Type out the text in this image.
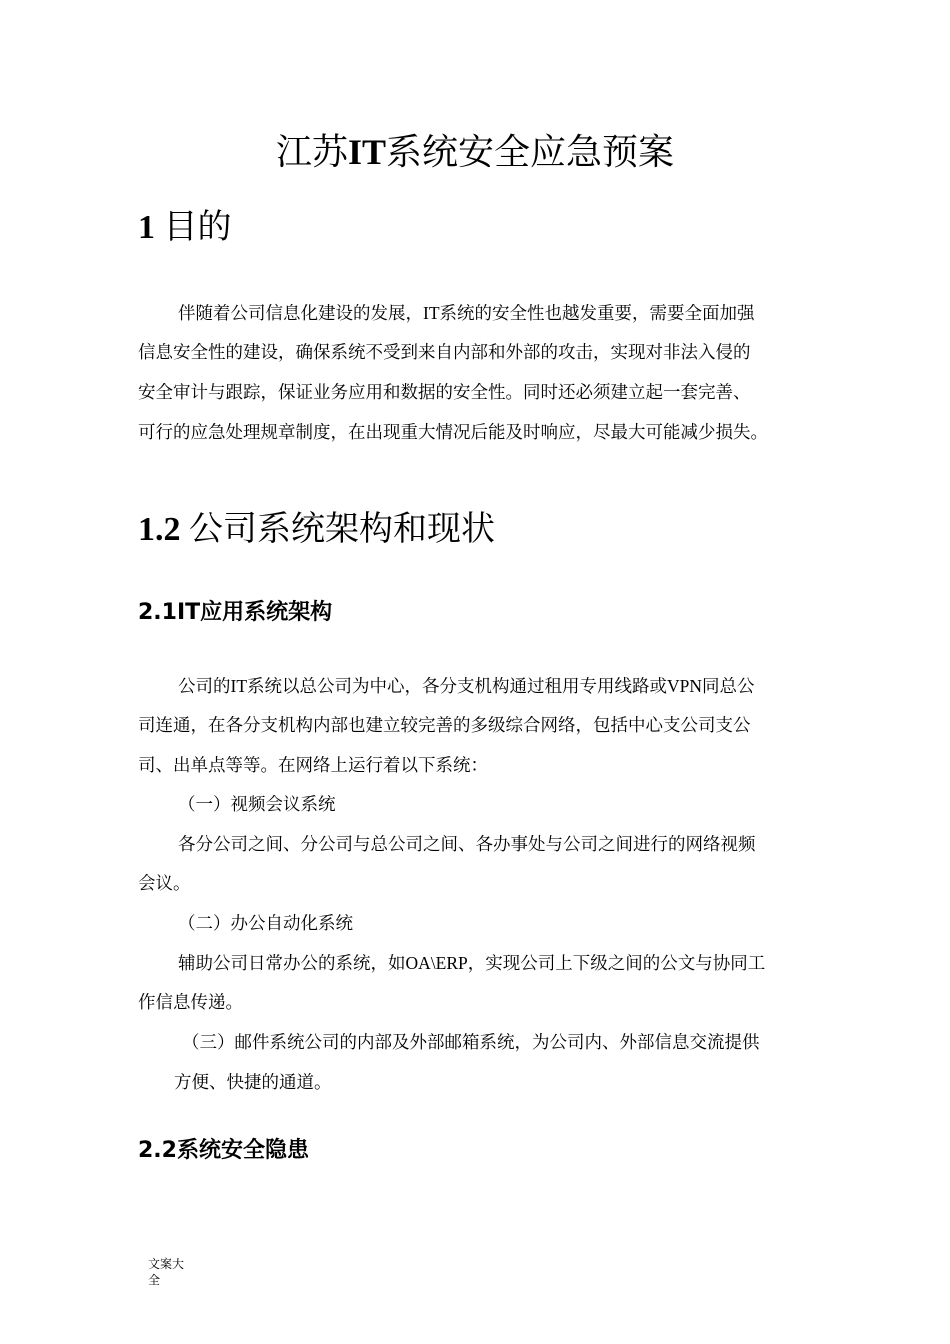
江苏IT系统安全应急预案
1 目的
伴随着公司信息化建设的发展，IT系统的安全性也越发重要，需要全面加强
信息安全性的建设，确保系统不受到来自内部和外部的攻击，实现对非法入侵的
安全审计与跟踪，保证业务应用和数据的安全性。同时还必须建立起一套完善、
可行的应急处理规章制度，在出现重大情况后能及时响应，尽最大可能减少损失。
1.2 公司系统架构和现状
2.1IT应用系统架构
公司的IT系统以总公司为中心，各分支机构通过租用专用线路或VPN同总公
司连通，在各分支机构内部也建立较完善的多级综合网络，包括中心支公司支公
司、出单点等等。在网络上运行着以下系统：
（一）视频会议系统
各分公司之间、分公司与总公司之间、各办事处与公司之间进行的网络视频
会议。
（二）办公自动化系统
辅助公司日常办公的系统，如OA\ERP，实现公司上下级之间的公文与协同工
作信息传递。
（三）邮件系统公司的内部及外部邮箱系统，为公司内、外部信息交流提供
方便、快捷的通道。
2.2系统安全隐患
文案大
全
